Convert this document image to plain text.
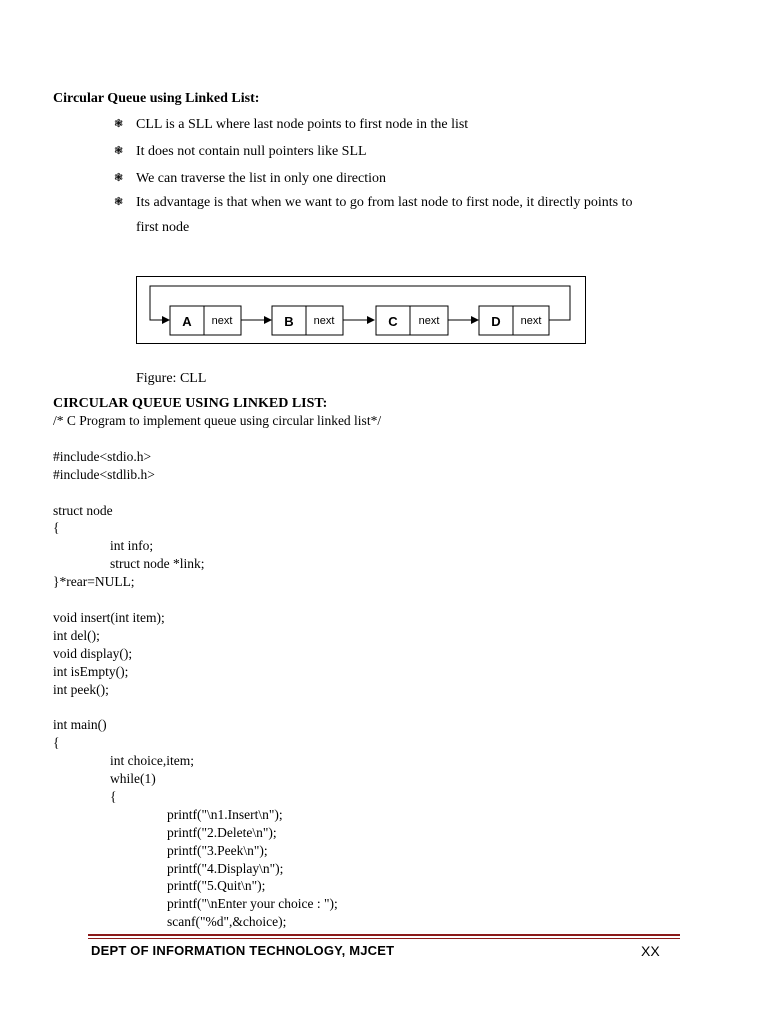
Circular Queue using Linked List:
❃ CLL is a SLL where last node points to first node in the list
❃ It does not contain null pointers like SLL
❃ We can traverse the list in only one direction
❃ Its advantage is that when we want to go from last node to first node, it directly points to
first node
A next	B next	C next	D next
Figure: CLL
CIRCULAR QUEUE USING LINKED LIST:
/* C Program to implement queue using circular linked list*/
#include<stdio.h>
#include<stdlib.h>
struct node
{
int info;
struct node *link;
}*rear=NULL;
void insert(int item);
int del();
void display();
int isEmpty();
int peek();
int main()
{
int choice,item;
while(1)
{
printf("\n1.Insert\n");
printf("2.Delete\n");
printf("3.Peek\n");
printf("4.Display\n");
printf("5.Quit\n");
printf("\nEnter your choice : ");
scanf("%d",&choice);
DEPT OF INFORMATION TECHNOLOGY, MJCET	XX
